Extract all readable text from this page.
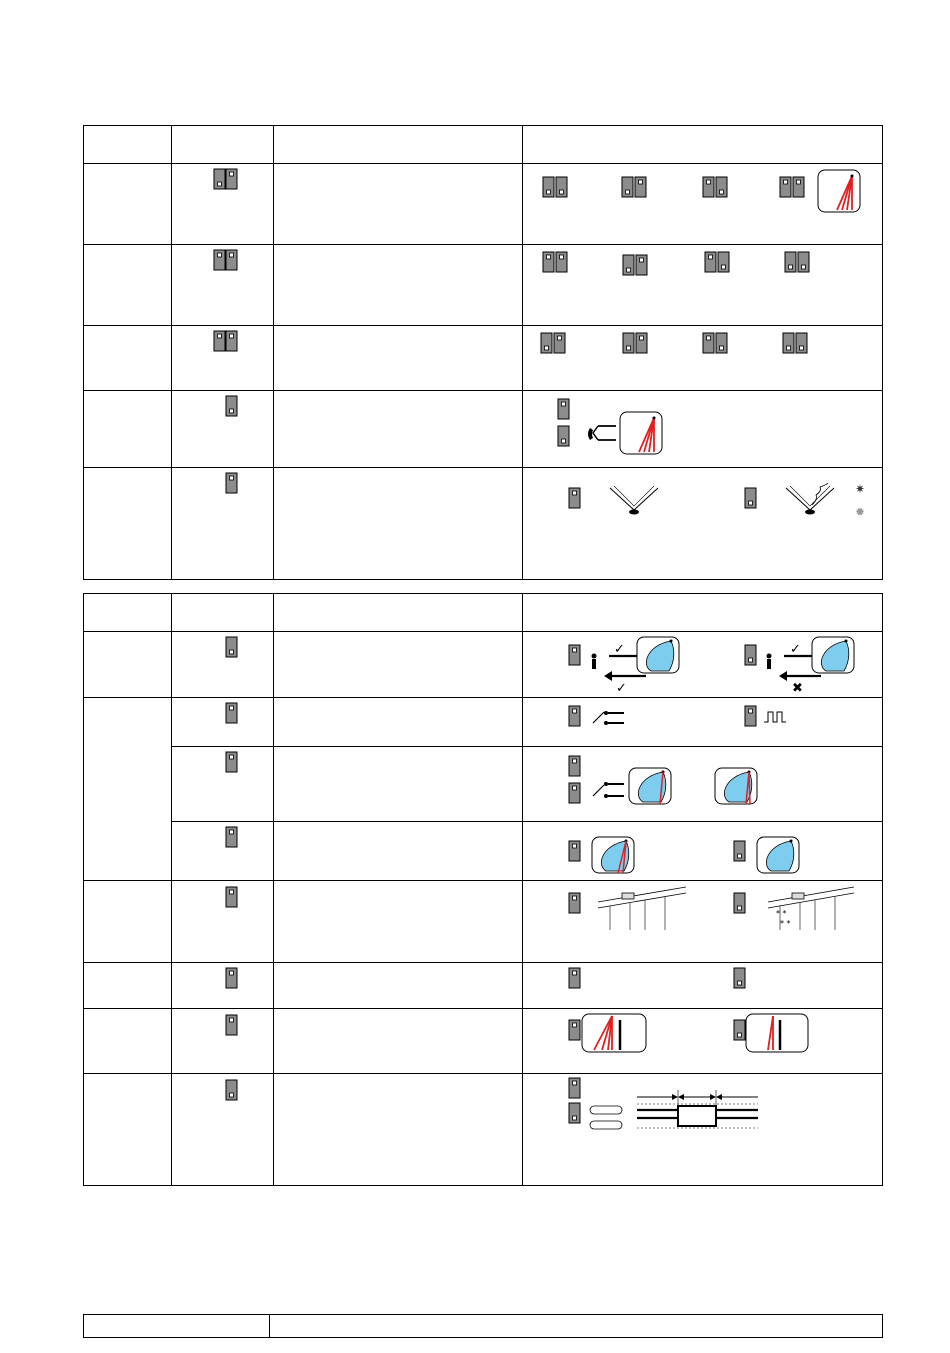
✷
✹
✓
✓
✓
✖
* *
* *
